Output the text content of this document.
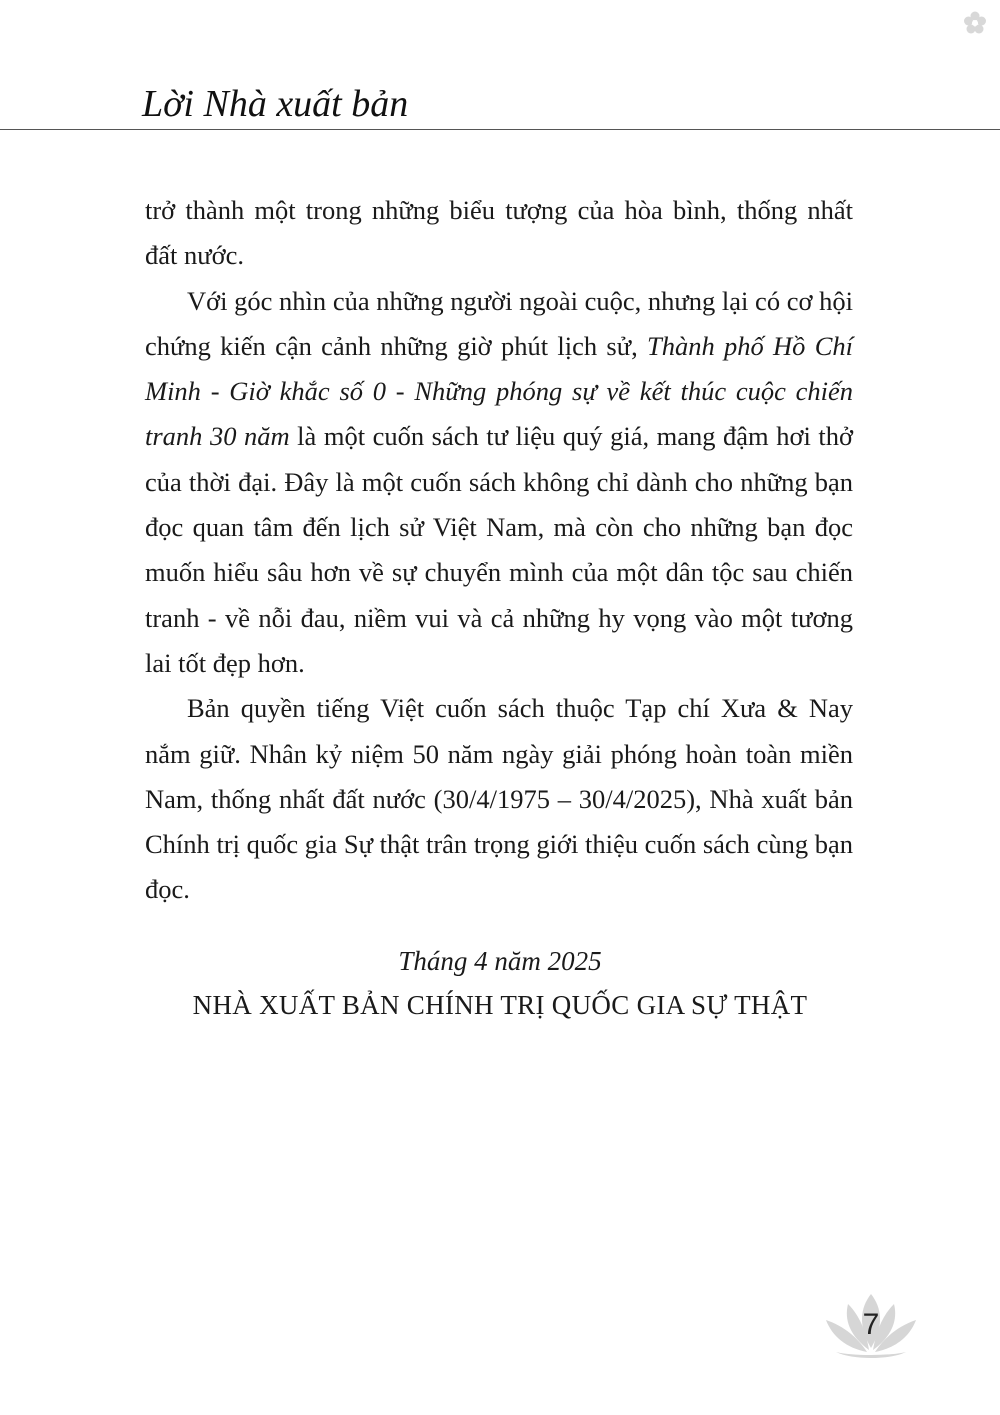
Lời Nhà xuất bản

trở thành một trong những biểu tượng của hòa bình, thống nhất đất nước.

Với góc nhìn của những người ngoài cuộc, nhưng lại có cơ hội chứng kiến cận cảnh những giờ phút lịch sử, Thành phố Hồ Chí Minh - Giờ khắc số 0 - Những phóng sự về kết thúc cuộc chiến tranh 30 năm là một cuốn sách tư liệu quý giá, mang đậm hơi thở của thời đại. Đây là một cuốn sách không chỉ dành cho những bạn đọc quan tâm đến lịch sử Việt Nam, mà còn cho những bạn đọc muốn hiểu sâu hơn về sự chuyển mình của một dân tộc sau chiến tranh - về nỗi đau, niềm vui và cả những hy vọng vào một tương lai tốt đẹp hơn.

Bản quyền tiếng Việt cuốn sách thuộc Tạp chí Xưa & Nay nắm giữ. Nhân kỷ niệm 50 năm ngày giải phóng hoàn toàn miền Nam, thống nhất đất nước (30/4/1975 – 30/4/2025), Nhà xuất bản Chính trị quốc gia Sự thật trân trọng giới thiệu cuốn sách cùng bạn đọc.

Tháng 4 năm 2025
NHÀ XUẤT BẢN CHÍNH TRỊ QUỐC GIA SỰ THẬT
7
